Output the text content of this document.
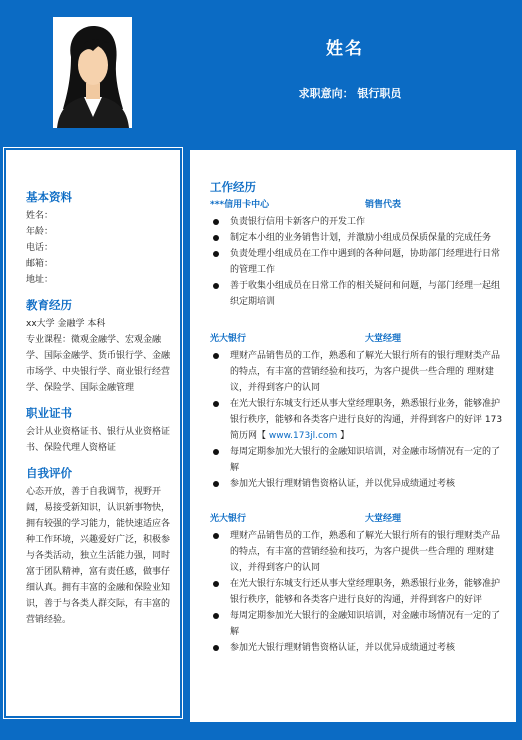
姓名
求职意向： 银行职员
基本资料
姓名：
年龄：
电话：
邮箱：
地址：
教育经历
xx大学 金融学 本科
专业课程：微观金融学、宏观金融学、国际金融学、货币银行学、金融市场学、中央银行学、商业银行经营学、保险学、国际金融管理
职业证书
会计从业资格证书、银行从业资格证书、保险代理人资格证
自我评价
心态开放，善于自我调节，视野开阔，易接受新知识，认识新事物快，拥有较强的学习能力，能快速适应各种工作环境，兴趣爱好广泛，积极参与各类活动，独立生活能力强，同时富于团队精神，富有责任感，做事仔细认真。拥有丰富的金融和保险业知识，善于与各类人群交际，有丰富的营销经验。
工作经历
***信用卡中心	销售代表
负责银行信用卡新客户的开发工作
制定本小组的业务销售计划，并激励小组成员保质保量的完成任务
负责处理小组成员在工作中遇到的各种问题，协助部门经理进行日常的管理工作
善于收集小组成员在日常工作的相关疑问和问题，与部门经理一起组织定期培训
光大银行	大堂经理
理财产品销售员的工作，熟悉和了解光大银行所有的银行理财类产品的特点，有丰富的营销经验和技巧，为客户提供一些合理的 理财建议，并得到客户的认同
在光大银行东城支行还从事大堂经理职务，熟悉银行业务，能够准护银行秩序，能够和各类客户进行良好的沟通，并得到客户的好评 173 简历网【 www.173jl.com 】
每周定期参加光大银行的金融知识培训，对金融市场情况有一定的了解
参加光大银行理财销售资格认证，并以优异成绩通过考核
光大银行	大堂经理
理财产品销售员的工作，熟悉和了解光大银行所有的银行理财类产品的特点，有丰富的营销经验和技巧，为客户提供一些合理的 理财建议，并得到客户的认同
在光大银行东城支行还从事大堂经理职务，熟悉银行业务，能够准护银行秩序，能够和各类客户进行良好的沟通，并得到客户的好评
每周定期参加光大银行的金融知识培训，对金融市场情况有一定的了解
参加光大银行理财销售资格认证，并以优异成绩通过考核
